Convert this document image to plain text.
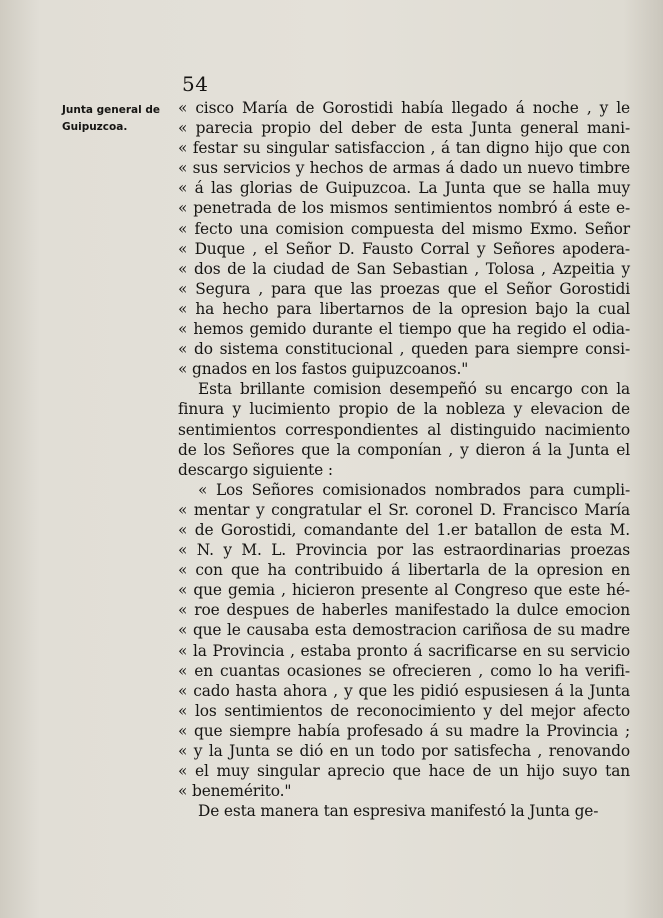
54
Junta general de
Guipuzcoa.
« cisco María de Gorostidi había llegado á noche , y le
« parecia propio del deber de esta Junta general mani-
« festar su singular satisfaccion , á tan digno hijo que con
« sus servicios y hechos de armas á dado un nuevo timbre
« á las glorias de Guipuzcoa. La Junta que se halla muy
« penetrada de los mismos sentimientos nombró á este e-
« fecto una comision compuesta del mismo Exmo. Señor
« Duque , el Señor D. Fausto Corral y Señores apodera-
« dos de la ciudad de San Sebastian , Tolosa , Azpeitia y
« Segura , para que las proezas que el Señor Gorostidi
« ha hecho para libertarnos de la opresion bajo la cual
« hemos gemido durante el tiempo que ha regido el odia-
« do sistema constitucional , queden para siempre consi-
« gnados en los fastos guipuzcoanos."
Esta brillante comision desempeñó su encargo con la
finura y lucimiento propio de la nobleza y elevacion de
sentimientos correspondientes al distinguido nacimiento
de los Señores que la componían , y dieron á la Junta el
descargo siguiente :
« Los Señores comisionados nombrados para cumpli-
« mentar y congratular el Sr. coronel D. Francisco María
« de Gorostidi, comandante del 1.er batallon de esta M.
« N. y M. L. Provincia por las estraordinarias proezas
« con que ha contribuido á libertarla de la opresion en
« que gemia , hicieron presente al Congreso que este hé-
« roe despues de haberles manifestado la dulce emocion
« que le causaba esta demostracion cariñosa de su madre
« la Provincia , estaba pronto á sacrificarse en su servicio
« en cuantas ocasiones se ofrecieren , como lo ha verifi-
« cado hasta ahora , y que les pidió espusiesen á la Junta
« los sentimientos de reconocimiento y del mejor afecto
« que siempre había profesado á su madre la Provincia ;
« y la Junta se dió en un todo por satisfecha , renovando
« el muy singular aprecio que hace de un hijo suyo tan
« benemérito."
De esta manera tan espresiva manifestó la Junta ge-
